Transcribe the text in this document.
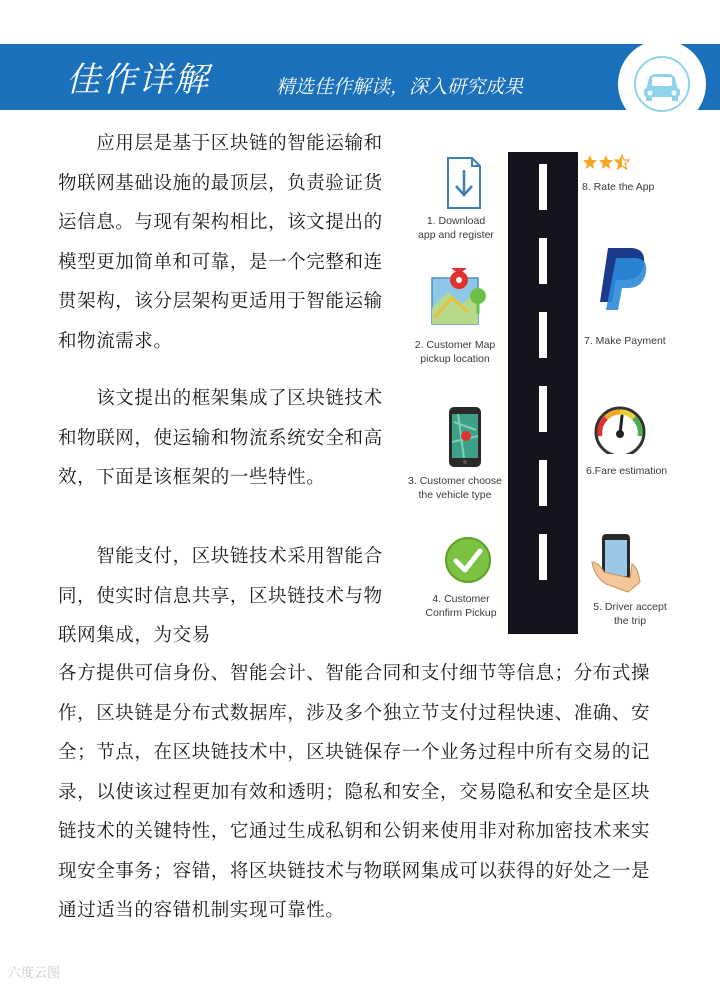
佳作详解	精选佳作解读，深入研究成果
　　应用层是基于区块链的智能运输和物联网基础设施的最顶层，负责验证货运信息。与现有架构相比，该文提出的模型更加简单和可靠，是一个完整和连贯架构，该分层架构更适用于智能运输和物流需求。
　　该文提出的框架集成了区块链技术和物联网，使运输和物流系统安全和高效，下面是该框架的一些特性。
　　智能支付，区块链技术采用智能合同，使实时信息共享，区块链技术与物联网集成，为交易
各方提供可信身份、智能会计、智能合同和支付细节等信息；分布式操作，区块链是分布式数据库，涉及多个独立节支付过程快速、准确、安全；节点，在区块链技术中，区块链保存一个业务过程中所有交易的记录，以使该过程更加有效和透明；隐私和安全，交易隐私和安全是区块链技术的关键特性，它通过生成私钥和公钥来使用非对称加密技术来实现安全事务；容错，将区块链技术与物联网集成可以获得的好处之一是通过适当的容错机制实现可靠性。
1. Download
app and register
2. Customer Map
pickup location
3. Customer choose
the vehicle type
4. Customer
Confirm Pickup
8. Rate the App
7. Make Payment
6.Fare estimation
5. Driver accept
the trip
六度云图
